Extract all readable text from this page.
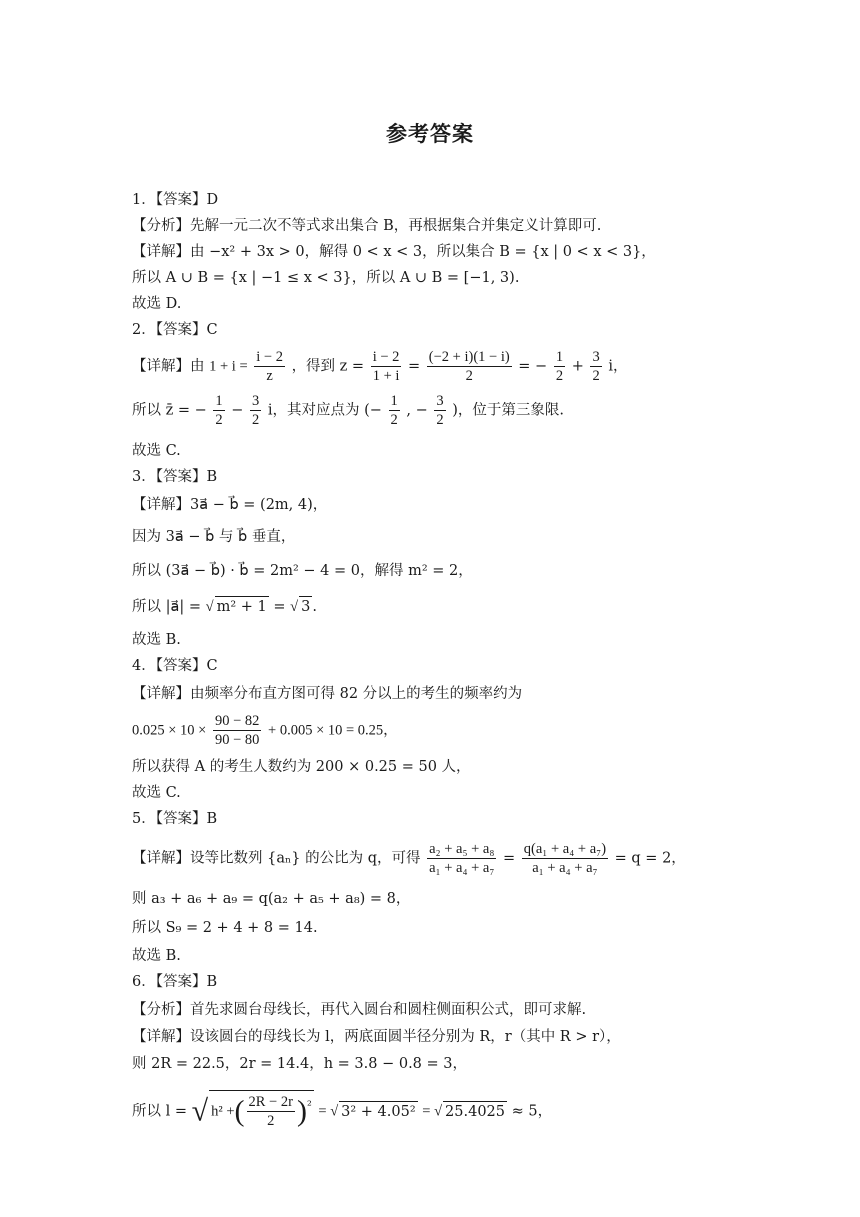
参考答案
1．【答案】D
【分析】先解一元二次不等式求出集合 B，再根据集合并集定义计算即可.
【详解】由 −x² + 3x > 0，解得 0 < x < 3，所以集合 B = {x | 0 < x < 3}，
所以 A ∪ B = {x | −1 ≤ x < 3}，所以 A ∪ B = [−1, 3).
故选 D.
2．【答案】C
【详解】由 $1 + i = \frac{i - 2}{z}$ ，得到 $z = \frac{i - 2}{1 + i} = \frac{(-2 + i)(1 - i)}{2}$ = − $\frac{1}{2} + \frac{3}{2}$ i，
所以 z̄ = − $\frac{1}{2} - \frac{3}{2}$ i，其对应点为 (− $\frac{1}{2}$ , − $\frac{3}{2}$ )，位于第三象限.
故选 C.
3．【答案】B
【详解】3a⃗ − b⃗ = (2m, 4)，
因为 3a⃗ − b⃗ 与 b⃗ 垂直，
所以 (3a⃗ − b⃗) · b⃗ = 2m² − 4 = 0，解得 m² = 2，
所以 |a⃗| = √ m² + 1 = √ 3 .
故选 B.
4．【答案】C
【详解】由频率分布直方图可得 82 分以上的考生的频率约为
$0.025 \times 10 \times \frac{90 - 82}{90 - 80} + 0.005 \times 10 = 0.25$，
所以获得 A 的考生人数约为 200 × 0.25 = 50 人，
故选 C.
5．【答案】B
【详解】设等比数列 {aₙ} 的公比为 q，可得 $\frac{\text{a₂ + a₅ + a₈}}{\text{a₁ + a₄ + a₇}} = \frac{\text{q(a₁ + a₄ + a₇)}}{\text{a₁ + a₄ + a₇}} = q = 2$，
则 a₃ + a₆ + a₉ = q(a₂ + a₅ + a₈) = 8，
所以 S₉ = 2 + 4 + 8 = 14.
故选 B.
6．【答案】B
【分析】首先求圆台母线长，再代入圆台和圆柱侧面积公式，即可求解.
【详解】设该圆台的母线长为 l，两底面圆半径分别为 R，r（其中 R > r），
则 2R = 22.5，2r = 14.4，h = 3.8 − 0.8 = 3，
所以 l = √ h² +( $\frac{2R - 2r}{2} )^{^2}$ = √ 3² + 4.05² = √ 25.4025 ≈ 5，
